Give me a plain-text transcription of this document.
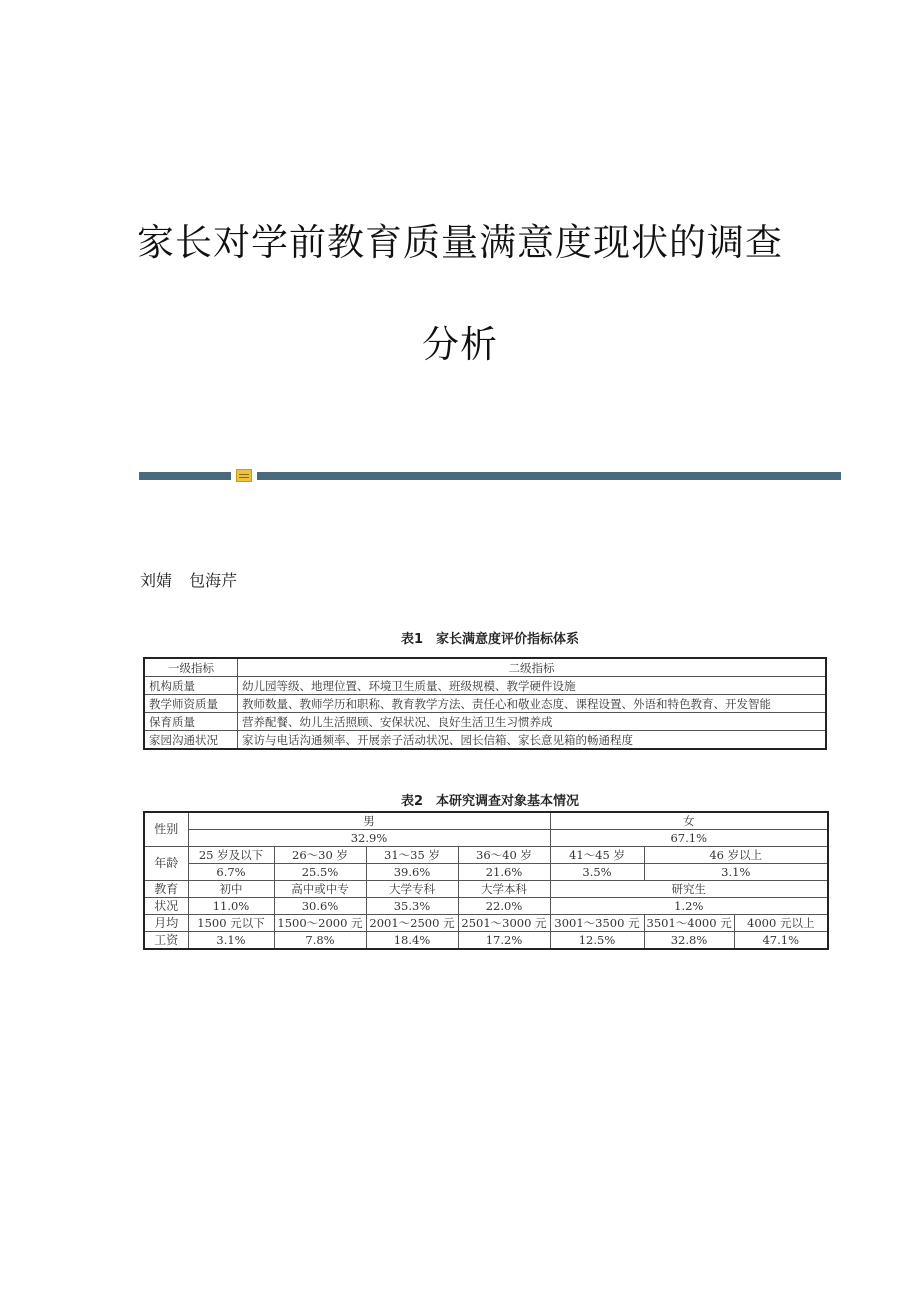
家长对学前教育质量满意度现状的调查
分析
刘婧 包海芹
表1　家长满意度评价指标体系
一级指标	二级指标
机构质量	幼儿园等级、地理位置、环境卫生质量、班级规模、教学硬件设施
教学师资质量	教师数量、教师学历和职称、教育教学方法、责任心和敬业态度、课程设置、外语和特色教育、开发智能
保育质量	营养配餐、幼儿生活照顾、安保状况、良好生活卫生习惯养成
家园沟通状况	家访与电话沟通频率、开展亲子活动状况、园长信箱、家长意见箱的畅通程度
表2　本研究调查对象基本情况
性别	男				女		
	32.9%				67.1%		
年龄	25 岁及以下	26～30 岁	31～35 岁	36～40 岁	41～45 岁	46 岁以上	
	6.7%	25.5%	39.6%	21.6%	3.5%	3.1%	
教育	初中	高中或中专	大学专科	大学本科	研究生		
状况	11.0%	30.6%	35.3%	22.0%	1.2%		
月均	1500 元以下	1500～2000 元	2001～2500 元	2501～3000 元	3001～3500 元	3501～4000 元	4000 元以上
工资	3.1%	7.8%	18.4%	17.2%	12.5%	32.8%	47.1%
